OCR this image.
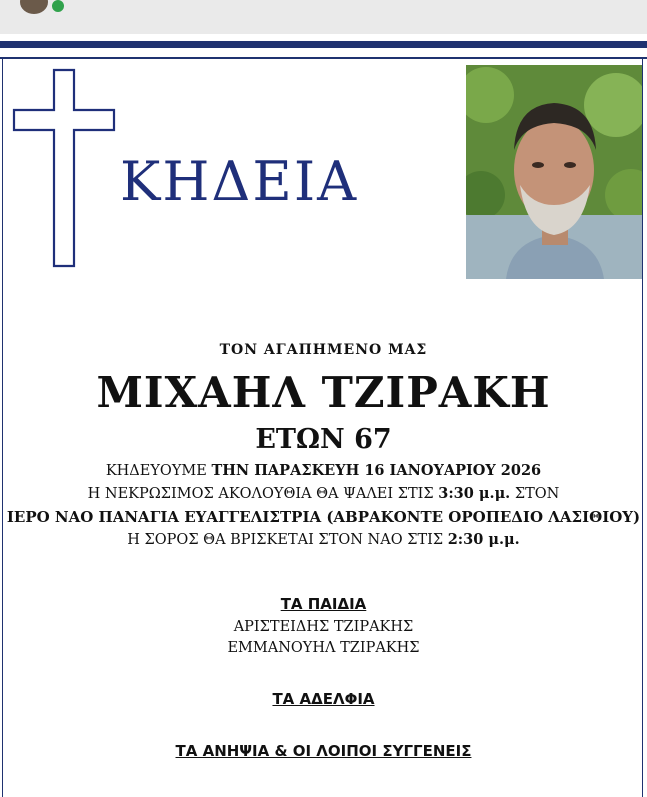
ΚΗΔΕΙΑ
ΤΟΝ ΑΓΑΠΗΜΕΝΟ ΜΑΣ
ΜΙΧΑΗΛ ΤΖΙΡΑΚΗ
ΕΤΩΝ 67
ΚΗΔΕΥΟΥΜΕ ΤΗΝ ΠΑΡΑΣΚΕΥΗ 16 ΙΑΝΟΥΑΡΙΟΥ 2026
Η ΝΕΚΡΩΣΙΜΟΣ ΑΚΟΛΟΥΘΙΑ ΘΑ ΨΑΛΕΙ ΣΤΙΣ 3:30 μ.μ. ΣΤΟΝ
ΙΕΡΟ ΝΑΟ ΠΑΝΑΓΙΑ ΕΥΑΓΓΕΛΙΣΤΡΙΑ (ΑΒΡΑΚΟΝΤΕ ΟΡΟΠΕΔΙΟ ΛΑΣΙΘΙΟΥ)
Η ΣΟΡΟΣ ΘΑ ΒΡΙΣΚΕΤΑΙ ΣΤΟΝ ΝΑΟ ΣΤΙΣ 2:30 μ.μ.
ΤΑ ΠΑΙΔΙΑ
ΑΡΙΣΤΕΙΔΗΣ ΤΖΙΡΑΚΗΣ
ΕΜΜΑΝΟΥΗΛ ΤΖΙΡΑΚΗΣ
ΤΑ ΑΔΕΛΦΙΑ
ΤΑ ΑΝΗΨΙΑ & ΟΙ ΛΟΙΠΟΙ ΣΥΓΓΕΝΕΙΣ
